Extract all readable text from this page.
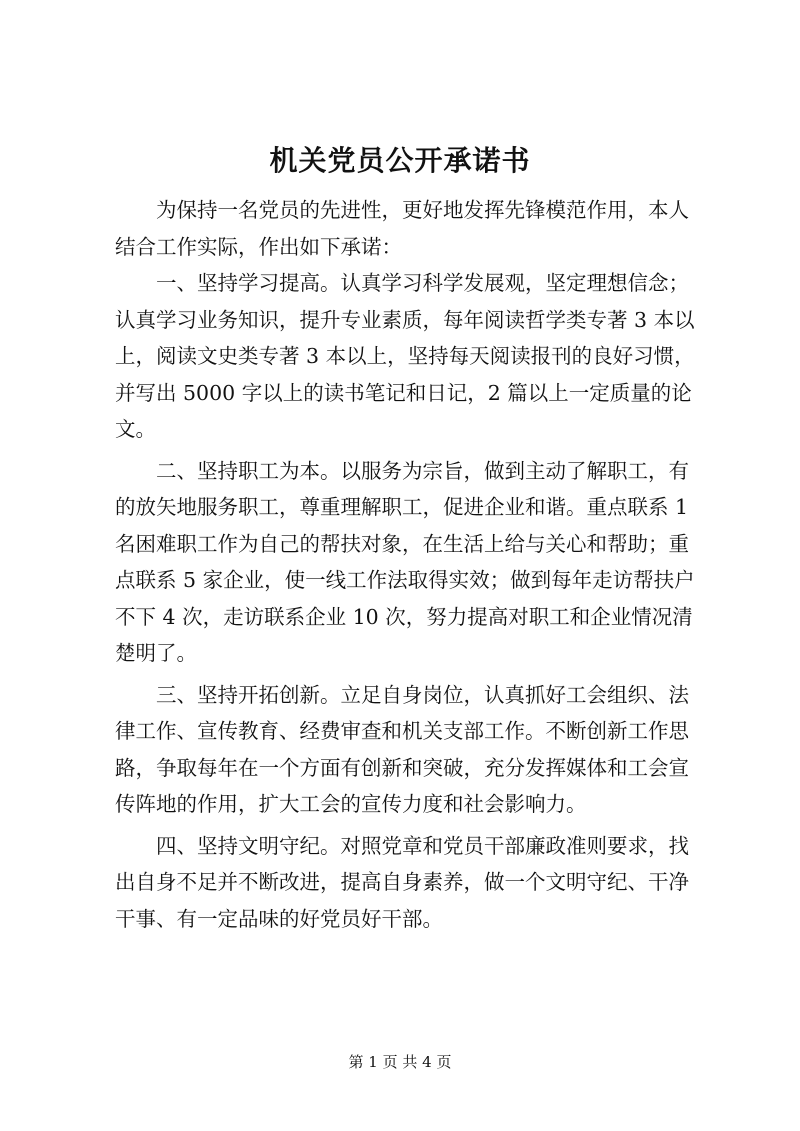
机关党员公开承诺书

为保持一名党员的先进性，更好地发挥先锋模范作用，本人
结合工作实际，作出如下承诺：

一、坚持学习提高。认真学习科学发展观，坚定理想信念；
认真学习业务知识，提升专业素质，每年阅读哲学类专著 3 本以
上，阅读文史类专著 3 本以上，坚持每天阅读报刊的良好习惯，
并写出 5000 字以上的读书笔记和日记，2 篇以上一定质量的论
文。

二、坚持职工为本。以服务为宗旨，做到主动了解职工，有
的放矢地服务职工，尊重理解职工，促进企业和谐。重点联系 1
名困难职工作为自己的帮扶对象，在生活上给与关心和帮助；重
点联系 5 家企业，使一线工作法取得实效；做到每年走访帮扶户
不下 4 次，走访联系企业 10 次，努力提高对职工和企业情况清
楚明了。

三、坚持开拓创新。立足自身岗位，认真抓好工会组织、法
律工作、宣传教育、经费审查和机关支部工作。不断创新工作思
路，争取每年在一个方面有创新和突破，充分发挥媒体和工会宣
传阵地的作用，扩大工会的宣传力度和社会影响力。

四、坚持文明守纪。对照党章和党员干部廉政准则要求，找
出自身不足并不断改进，提高自身素养，做一个文明守纪、干净
干事、有一定品味的好党员好干部。

第 1 页 共 4 页
